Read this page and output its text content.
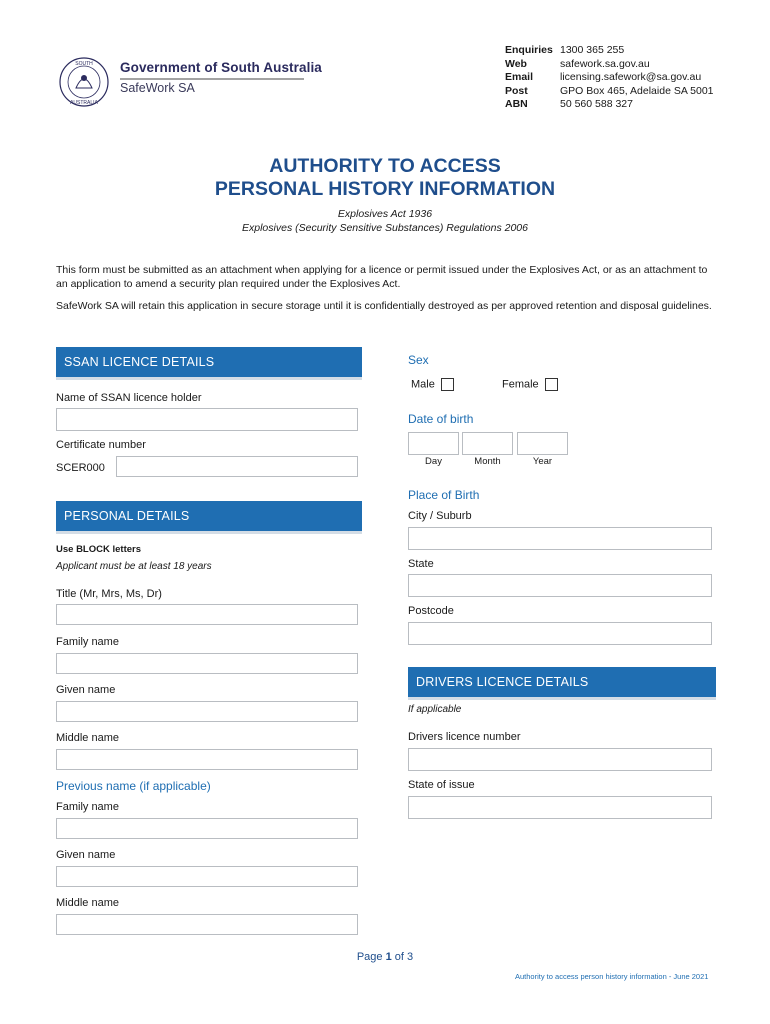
SOUTH
AUSTRALIA
Government of South Australia
SafeWork SA
Enquiries 1300 365 255
Web	safework.sa.gov.au
Email	licensing.safework@sa.gov.au
Post	GPO Box 465, Adelaide SA 5001
ABN	50 560 588 327
AUTHORITY TO ACCESS
PERSONAL HISTORY INFORMATION
Explosives Act 1936
Explosives (Security Sensitive Substances) Regulations 2006
This form must be submitted as an attachment when applying for a licence or permit issued under the Explosives Act, or as an attachment to an application to amend a security plan required under the Explosives Act.
SafeWork SA will retain this application in secure storage until it is confidentially destroyed as per approved retention and disposal guidelines.
SSAN LICENCE DETAILS
Name of SSAN licence holder
Certificate number
SCER000
PERSONAL DETAILS
Use BLOCK letters
Applicant must be at least 18 years
Title (Mr, Mrs, Ms, Dr)
Family name
Given name
Middle name
Previous name (if applicable)
Family name
Given name
Middle name
Sex
Male	Female
Date of birth
Day	Month	Year
Place of Birth
City / Suburb
State
Postcode
DRIVERS LICENCE DETAILS
If applicable
Drivers licence number
State of issue
Page 1 of 3
Authority to access person history information - June 2021
